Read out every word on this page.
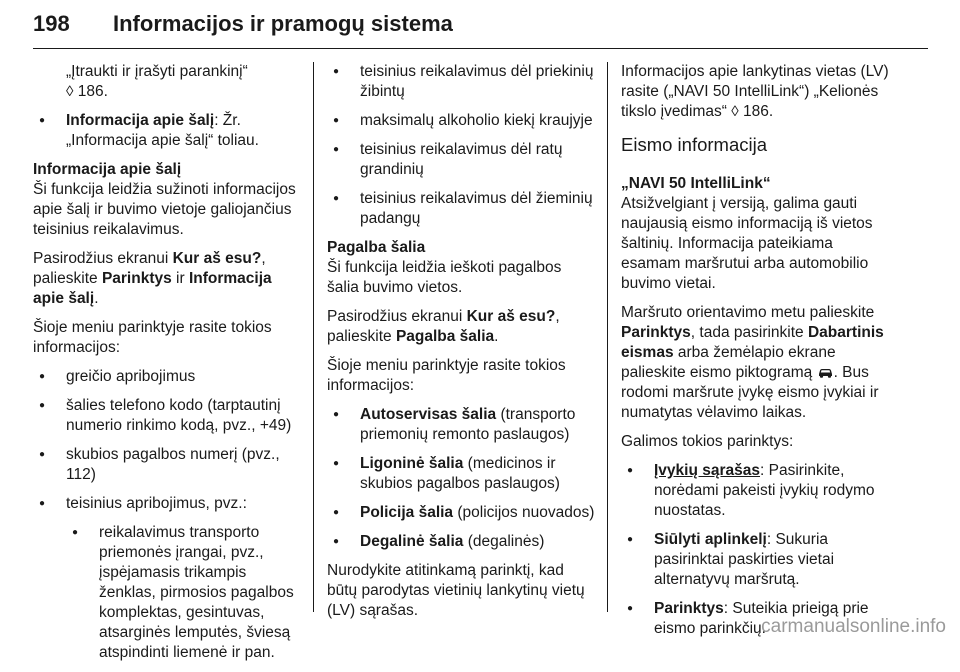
198 Informacijos ir pramogų sistema
„Įtraukti ir įrašyti parankinį“
◊ 186.
● Informacija apie šalį: Žr.
„Informacija apie šalį“ toliau.

Informacija apie šalį

Ši funkcija leidžia sužinoti informacijos apie šalį ir buvimo vietoje galiojančius teisinius reikalavimus.

Pasirodžius ekranui Kur aš esu?, palieskite Parinktys ir Informacija apie šalį.

Šioje meniu parinktyje rasite tokios informacijos:

● greičio apribojimus
● šalies telefono kodo (tarptautinį numerio rinkimo kodą, pvz., +49)
● skubios pagalbos numerį (pvz., 112)
● teisinius apribojimus, pvz.:
● reikalavimus transporto priemonės įrangai, pvz., įspėjamasis trikampis ženklas, pirmosios pagalbos komplektas, gesintuvas, atsarginės lemputės, šviesą atspindinti liemenė ir pan.
● teisinius reikalavimus dėl priekinių žibintų
● maksimalų alkoholio kiekį kraujyje
● teisinius reikalavimus dėl ratų grandinių
● teisinius reikalavimus dėl žieminių padangų

Pagalba šalia

Ši funkcija leidžia ieškoti pagalbos šalia buvimo vietos.

Pasirodžius ekranui Kur aš esu?, palieskite Pagalba šalia.

Šioje meniu parinktyje rasite tokios informacijos:

● Autoservisas šalia (transporto priemonių remonto paslaugos)
● Ligoninė šalia (medicinos ir skubios pagalbos paslaugos)
● Policija šalia (policijos nuovados)
● Degalinė šalia (degalinės)

Nurodykite atitinkamą parinktį, kad būtų parodytas vietinių lankytinų vietų (LV) sąrašas.

Informacijos apie lankytinas vietas (LV) rasite („NAVI 50 IntelliLink“) „Kelionės tikslo įvedimas“ ◊ 186.

Eismo informacija

„NAVI 50 IntelliLink“

Atsižvelgiant į versiją, galima gauti naujausią eismo informaciją iš vietos šaltinių. Informacija pateikiama esamam maršrutui arba automobilio buvimo vietai.

Maršruto orientavimo metu palieskite Parinktys, tada pasirinkite Dabartinis eismas arba žemėlapio ekrane palieskite eismo piktogramą . Bus rodomi maršrute įvykę eismo įvykiai ir numatytas vėlavimo laikas.

Galimos tokios parinktys:

● Įvykių sąrašas: Pasirinkite, norėdami pakeisti įvykių rodymo nuostatas.
● Siūlyti aplinkelį: Sukuria pasirinktai paskirties vietai alternatyvų maršrutą.
● Parinktys: Suteikia prieigą prie eismo parinkčių.
carmanualsonline.info
